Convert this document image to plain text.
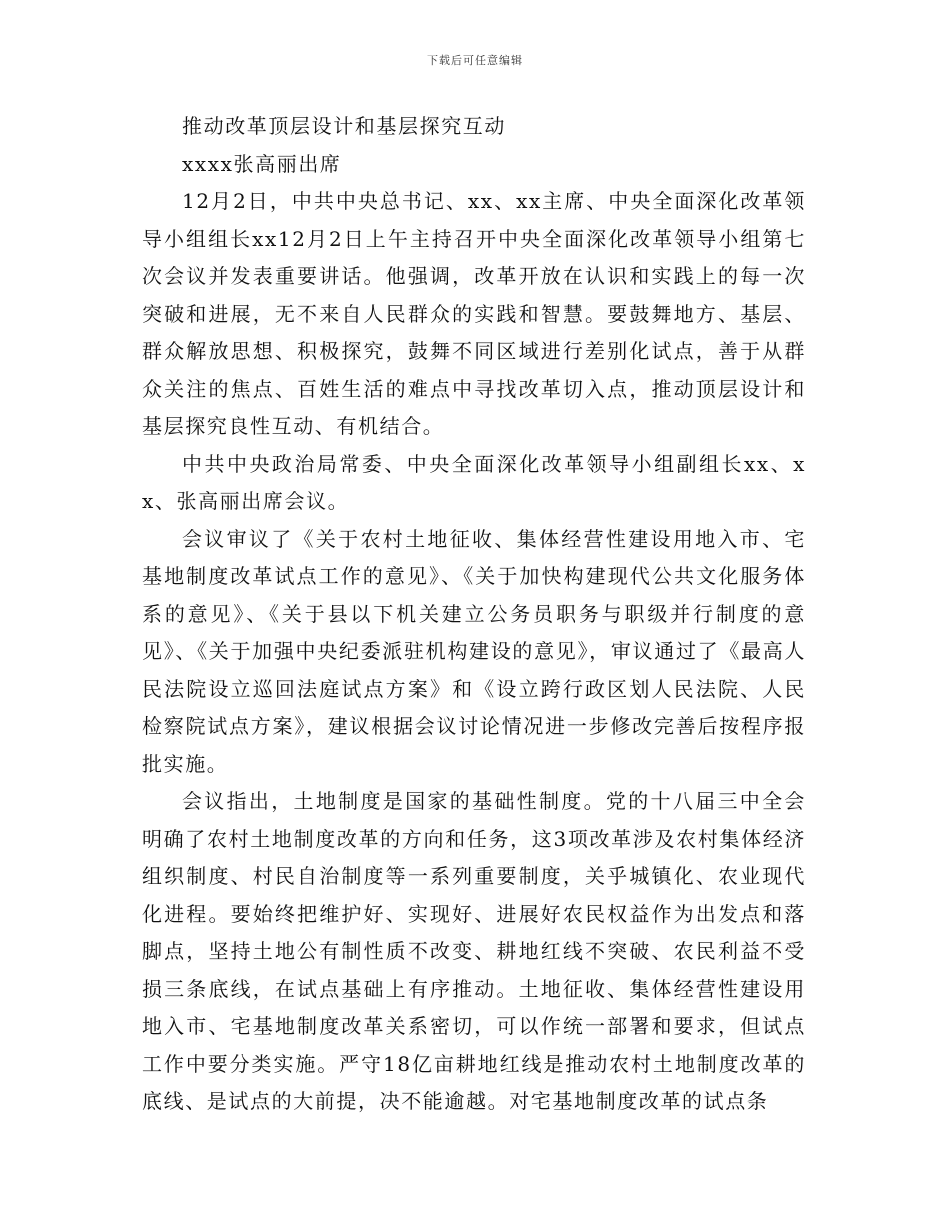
下载后可任意编辑

推动改革顶层设计和基层探究互动

xxxx张高丽出席

12月2日，中共中央总书记、xx、xx主席、中央全面深化改革领导小组组长xx12月2日上午主持召开中央全面深化改革领导小组第七次会议并发表重要讲话。他强调，改革开放在认识和实践上的每一次突破和进展，无不来自人民群众的实践和智慧。要鼓舞地方、基层、群众解放思想、积极探究，鼓舞不同区域进行差别化试点，善于从群众关注的焦点、百姓生活的难点中寻找改革切入点，推动顶层设计和基层探究良性互动、有机结合。

中共中央政治局常委、中央全面深化改革领导小组副组长xx、xx、张高丽出席会议。

会议审议了《关于农村土地征收、集体经营性建设用地入市、宅基地制度改革试点工作的意见》、《关于加快构建现代公共文化服务体系的意见》、《关于县以下机关建立公务员职务与职级并行制度的意见》、《关于加强中央纪委派驻机构建设的意见》，审议通过了《最高人民法院设立巡回法庭试点方案》和《设立跨行政区划人民法院、人民检察院试点方案》，建议根据会议讨论情况进一步修改完善后按程序报批实施。

会议指出，土地制度是国家的基础性制度。党的十八届三中全会明确了农村土地制度改革的方向和任务，这3项改革涉及农村集体经济组织制度、村民自治制度等一系列重要制度，关乎城镇化、农业现代化进程。要始终把维护好、实现好、进展好农民权益作为出发点和落脚点，坚持土地公有制性质不改变、耕地红线不突破、农民利益不受损三条底线，在试点基础上有序推动。土地征收、集体经营性建设用地入市、宅基地制度改革关系密切，可以作统一部署和要求，但试点工作中要分类实施。严守18亿亩耕地红线是推动农村土地制度改革的底线、是试点的大前提，决不能逾越。对宅基地制度改革的试点条
